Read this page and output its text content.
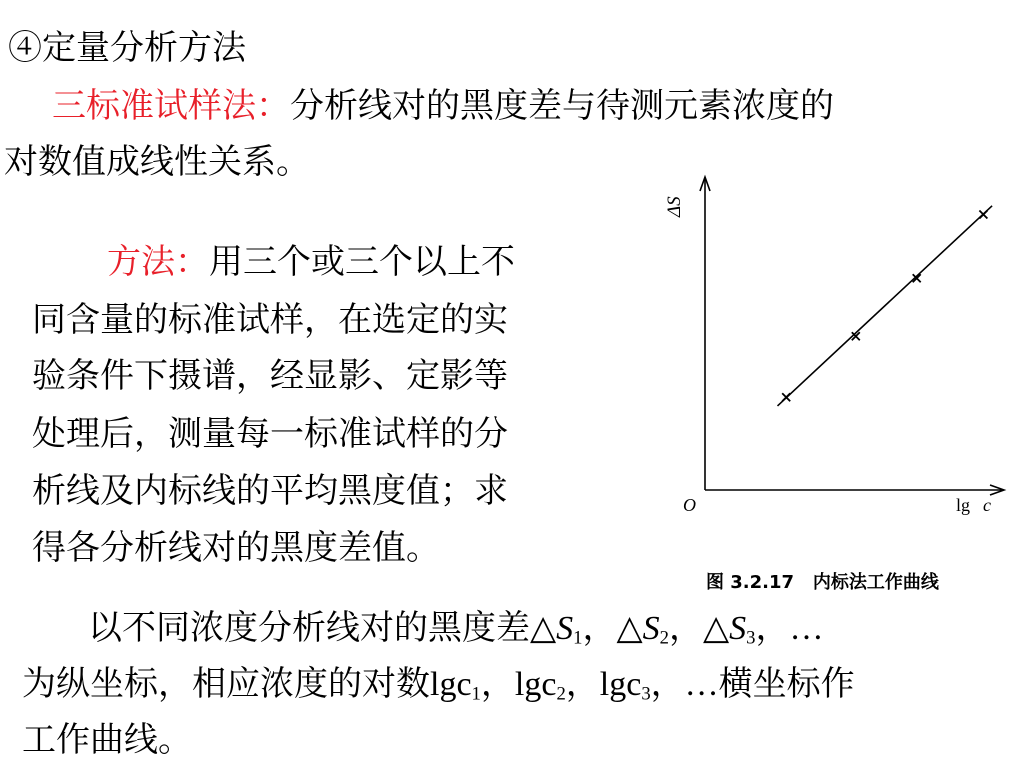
④定量分析方法
三标准试样法：分析线对的黑度差与待测元素浓度的
对数值成线性关系。
方法：用三个或三个以上不
同含量的标准试样，在选定的实
验条件下摄谱，经显影、定影等
处理后，测量每一标准试样的分
析线及内标线的平均黑度值；求
得各分析线对的黑度差值。
ΔS
O	lg c
图 3.2.17 内标法工作曲线
以不同浓度分析线对的黑度差$\triangle S_1$，$\triangle S_2$，$\triangle S_3$，…
为纵坐标，相应浓度的对数lgc$_1$，lgc$_2$，lgc$_3$，…横坐标作
工作曲线。
